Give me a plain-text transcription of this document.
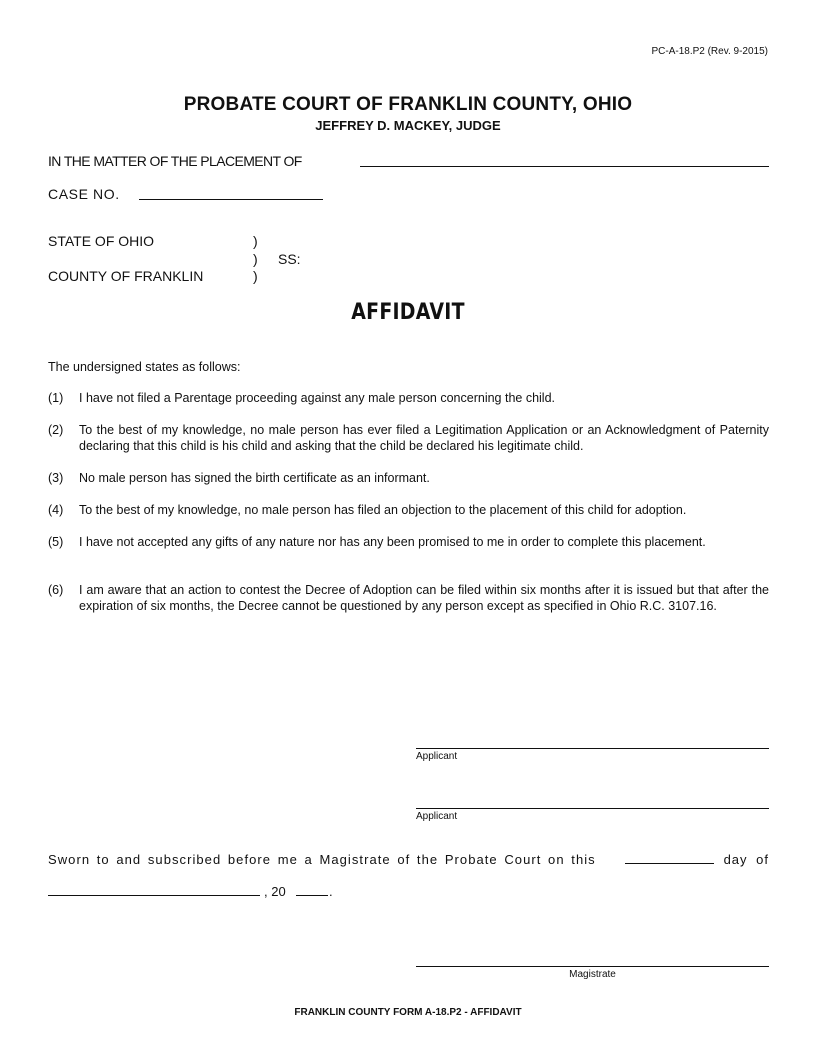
PC-A-18.P2 (Rev. 9-2015)
PROBATE COURT OF FRANKLIN COUNTY, OHIO
JEFFREY D. MACKEY, JUDGE
IN THE MATTER OF THE PLACEMENT OF
CASE NO.
STATE OF OHIO	)
) SS:
COUNTY OF FRANKLIN	)
AFFIDAVIT
The undersigned states as follows:
(1) I have not filed a Parentage proceeding against any male person concerning the child.
(2) To the best of my knowledge, no male person has ever filed a Legitimation Application or an Acknowledgment of Paternity declaring that this child is his child and asking that the child be declared his legitimate child.
(3) No male person has signed the birth certificate as an informant.
(4) To the best of my knowledge, no male person has filed an objection to the placement of this child for adoption.
(5) I have not accepted any gifts of any nature nor has any been promised to me in order to complete this placement.
(6) I am aware that an action to contest the Decree of Adoption can be filed within six months after it is issued but that after the expiration of six months, the Decree cannot be questioned by any person except as specified in Ohio R.C. 3107.16.
Applicant
Applicant
Sworn to and subscribed before me a Magistrate of the Probate Court on this	day of
, 20	.
Magistrate
FRANKLIN COUNTY FORM A-18.P2 - AFFIDAVIT
